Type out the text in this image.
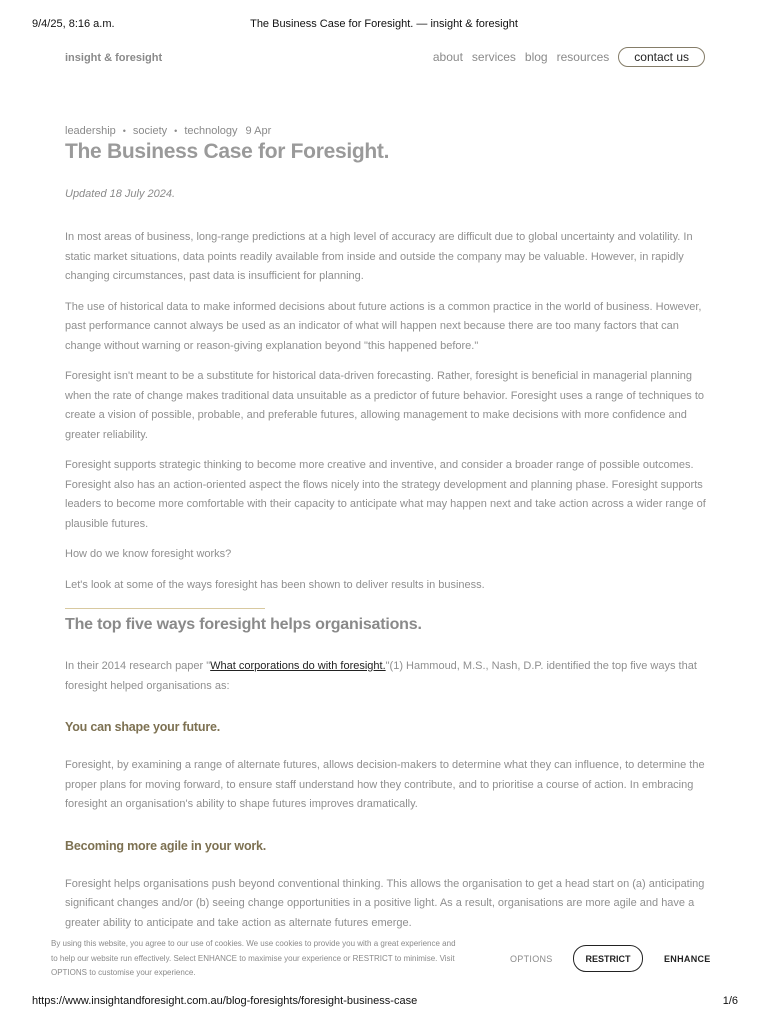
9/4/25, 8:16 a.m.	The Business Case for Foresight. — insight & foresight
insight & foresight	about services blog resources	contact us
leadership • society • technology 9 Apr
The Business Case for Foresight.
Updated 18 July 2024.

In most areas of business, long-range predictions at a high level of accuracy are difficult due to global uncertainty and volatility. In static market situations, data points readily available from inside and outside the company may be valuable. However, in rapidly changing circumstances, past data is insufficient for planning.

The use of historical data to make informed decisions about future actions is a common practice in the world of business. However, past performance cannot always be used as an indicator of what will happen next because there are too many factors that can change without warning or reason-giving explanation beyond "this happened before."

Foresight isn't meant to be a substitute for historical data-driven forecasting. Rather, foresight is beneficial in managerial planning when the rate of change makes traditional data unsuitable as a predictor of future behavior. Foresight uses a range of techniques to create a vision of possible, probable, and preferable futures, allowing management to make decisions with more confidence and greater reliability.

Foresight supports strategic thinking to become more creative and inventive, and consider a broader range of possible outcomes. Foresight also has an action-oriented aspect the flows nicely into the strategy development and planning phase. Foresight supports leaders to become more comfortable with their capacity to anticipate what may happen next and take action across a wider range of plausible futures.

How do we know foresight works?

Let's look at some of the ways foresight has been shown to deliver results in business.

The top five ways foresight helps organisations.

In their 2014 research paper "What corporations do with foresight."(1) Hammoud, M.S., Nash, D.P. identified the top five ways that foresight helped organisations as:

You can shape your future.

Foresight, by examining a range of alternate futures, allows decision-makers to determine what they can influence, to determine the proper plans for moving forward, to ensure staff understand how they contribute, and to prioritise a course of action. In embracing foresight an organisation's ability to shape futures improves dramatically.

Becoming more agile in your work.

Foresight helps organisations push beyond conventional thinking. This allows the organisation to get a head start on (a) anticipating significant changes and/or (b) seeing change opportunities in a positive light. As a result, organisations are more agile and have a greater ability to anticipate and take action as alternate futures emerge.

By using this website, you agree to our use of cookies. We use cookies to provide you with a great experience and to help our website run effectively. Select ENHANCE to maximise your experience or RESTRICT to minimise. Visit OPTIONS to customise your experience.
OPTIONS	RESTRICT	ENHANCE
https://www.insightandforesight.com.au/blog-foresights/foresight-business-case	1/6
